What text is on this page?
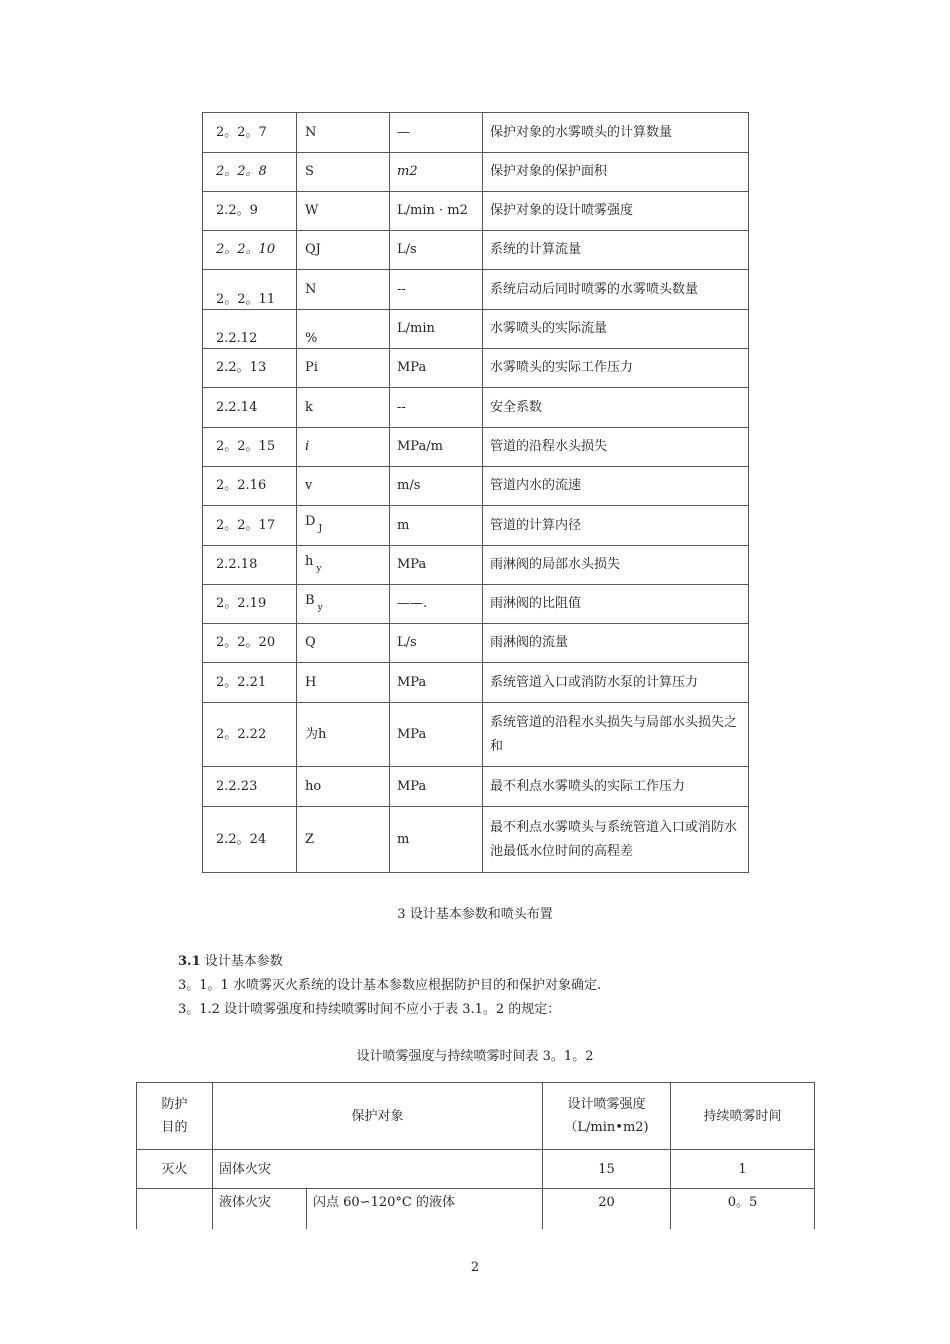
2。2。7	N	—	保护对象的水雾喷头的计算数量
2。2。8	S	m2	保护对象的保护面积
2.2。9	W	L/min · m2	保护对象的设计喷雾强度
2。2。10	QJ	L/s	系统的计算流量
2。2。11	N	--	系统启动后同时喷雾的水雾喷头数量
2.2.12	%	L/min	水雾喷头的实际流量
2.2。13	Pi	MPa	水雾喷头的实际工作压力
2.2.14	k	--	安全系数
2。2。15	i	MPa/m	管道的沿程水头损失
2。2.16	v	m/s	管道内水的流速
2。2。17	D $_J$	m	管道的计算内径
2.2.18	h $_y$	MPa	雨淋阀的局部水头损失
2。2.19	B $_y$	——.	雨淋阀的比阻值
2。2。20	Q	L/s	雨淋阀的流量
2。2.21	H	MPa	系统管道入口或消防水泵的计算压力
2。2.22	为h	MPa	系统管道的沿程水头损失与局部水头损失之和
2.2.23	ho	MPa	最不利点水雾喷头的实际工作压力
2.2。24	Z	m	最不利点水雾喷头与系统管道入口或消防水池最低水位时间的高程差
3 设计基本参数和喷头布置
3.1 设计基本参数
3。1。1 水喷雾灭火系统的设计基本参数应根据防护目的和保护对象确定.
3。1.2 设计喷雾强度和持续喷雾时间不应小于表 3.1。2 的规定：
设计喷雾强度与持续喷雾时间表 3。1。2
防护目的	保护对象		设计喷雾强度（L/min•m2)	持续喷雾时间
灭火	固体火灾		15	1
	液体火灾	闪点 60∽120°C 的液体	20	0。5
2
